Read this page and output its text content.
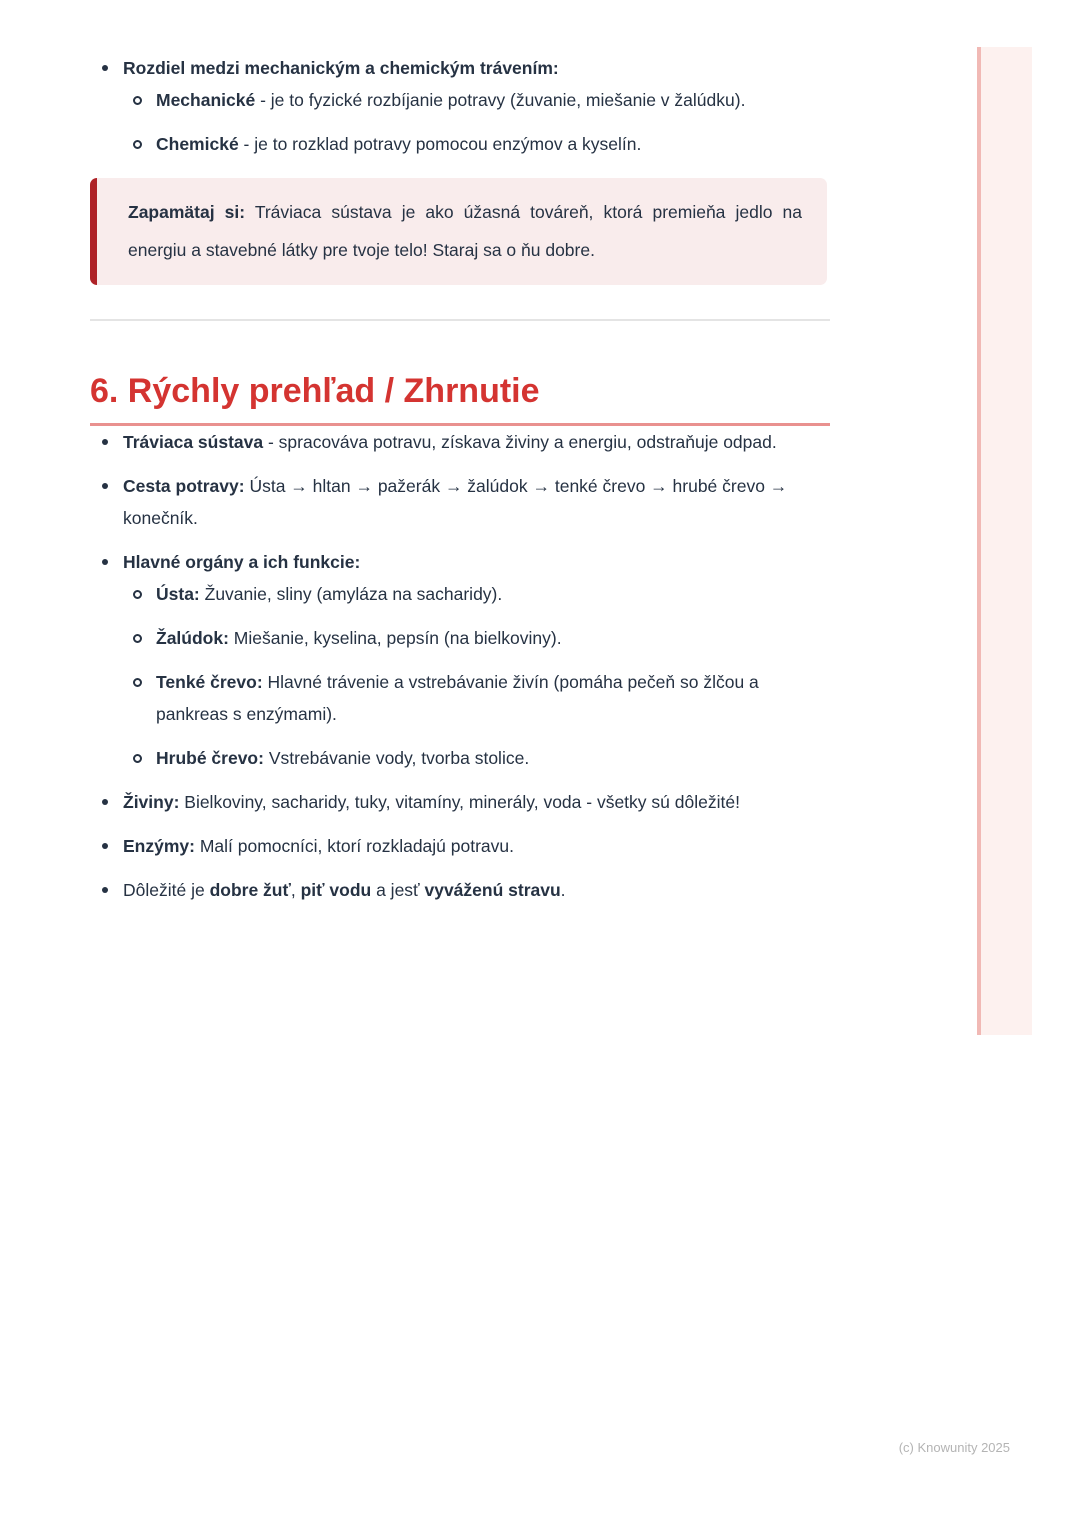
Rozdiel medzi mechanickým a chemickým trávením:
Mechanické - je to fyzické rozbíjanie potravy (žuvanie, miešanie v žalúdku).
Chemické - je to rozklad potravy pomocou enzýmov a kyselín.

Zapamätaj si: Tráviaca sústava je ako úžasná továreň, ktorá premieňa jedlo na energiu a stavebné látky pre tvoje telo! Staraj sa o ňu dobre.

6. Rýchly prehľad / Zhrnutie
Tráviaca sústava - spracováva potravu, získava živiny a energiu, odstraňuje odpad.
Cesta potravy: Ústa → hltan → pažerák → žalúdok → tenké črevo → hrubé črevo → konečník.
Hlavné orgány a ich funkcie:
Ústa: Žuvanie, sliny (amyláza na sacharidy).
Žalúdok: Miešanie, kyselina, pepsín (na bielkoviny).
Tenké črevo: Hlavné trávenie a vstrebávanie živín (pomáha pečeň so žlčou a pankreas s enzýmami).
Hrubé črevo: Vstrebávanie vody, tvorba stolice.
Živiny: Bielkoviny, sacharidy, tuky, vitamíny, minerály, voda - všetky sú dôležité!
Enzýmy: Malí pomocníci, ktorí rozkladajú potravu.
Dôležité je dobre žuť, piť vodu a jesť vyváženú stravu.
(c) Knowunity 2025
